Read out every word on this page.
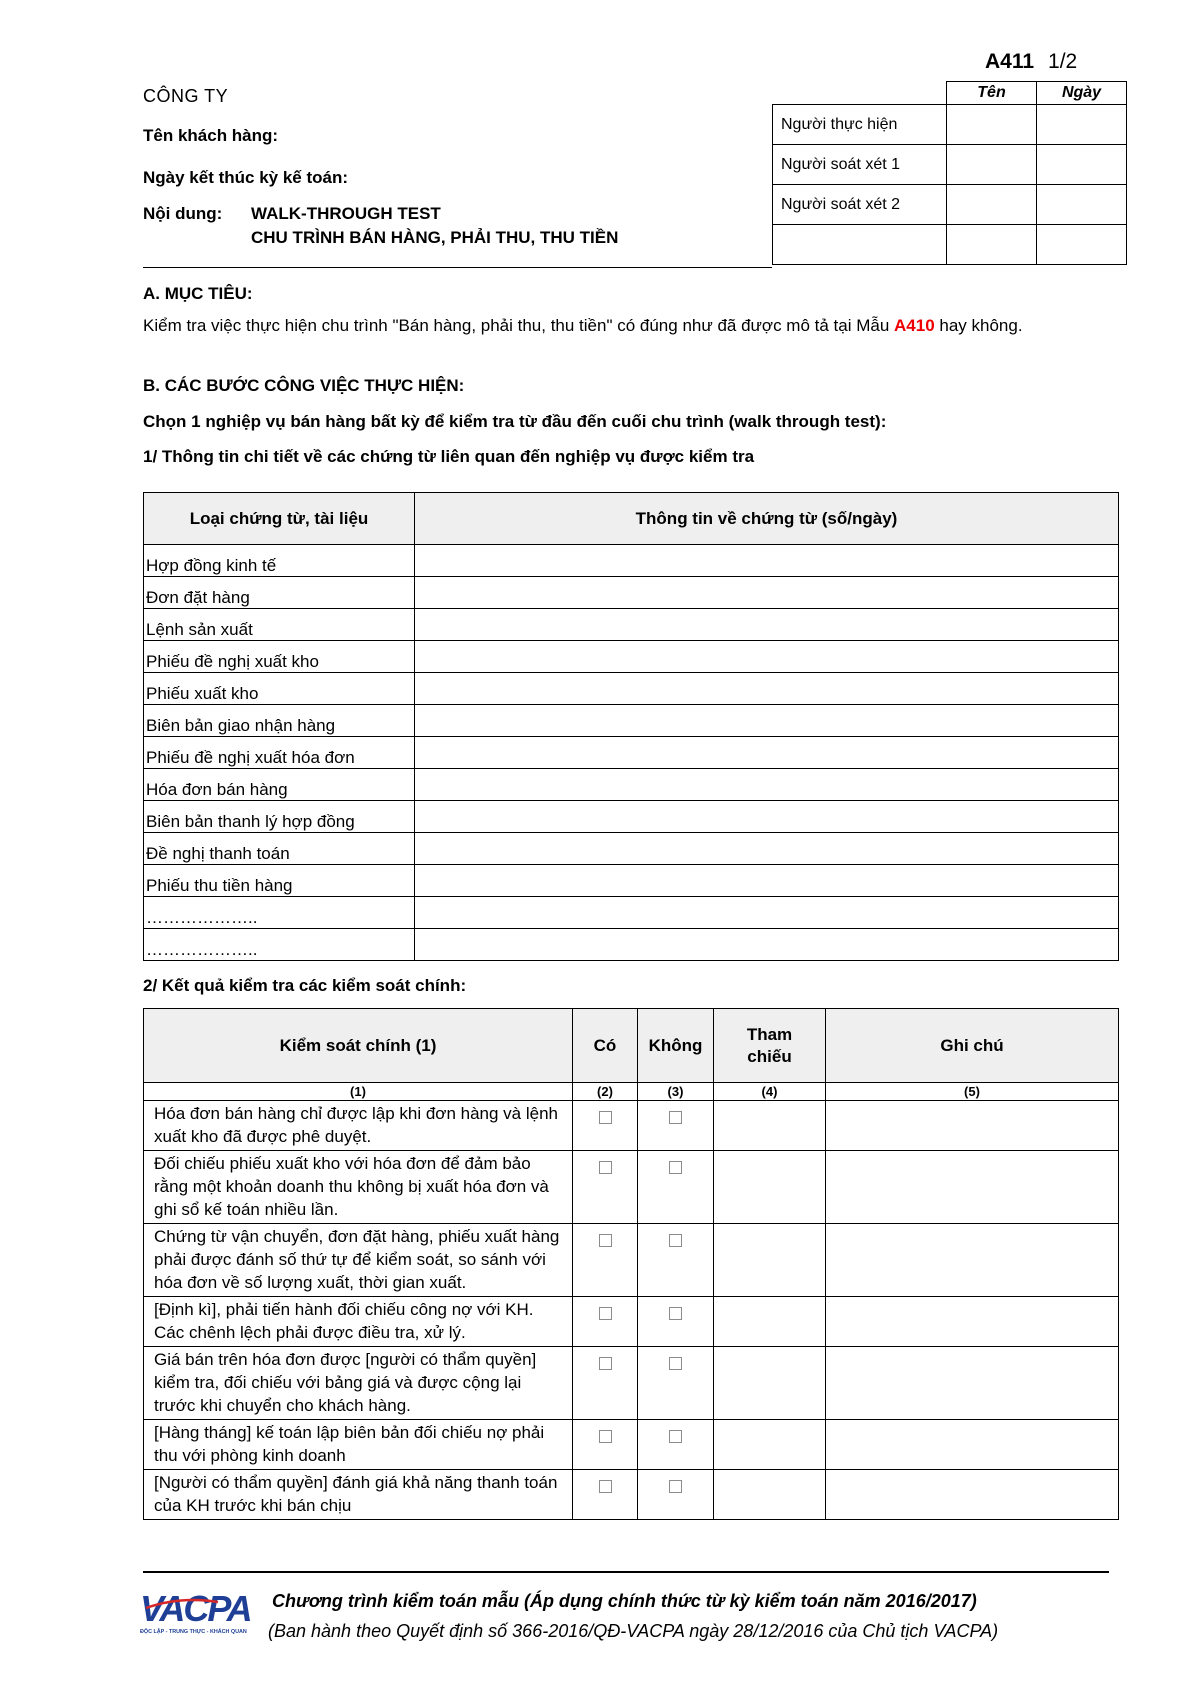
A411 1/2
CÔNG TY
Tên khách hàng:
Ngày kết thúc kỳ kế toán:
Nội dung: WALK-THROUGH TEST
CHU TRÌNH BÁN HÀNG, PHẢI THU, THU TIỀN
	Tên	Ngày
Người thực hiện		
Người soát xét 1		
Người soát xét 2		

A. MỤC TIÊU:
Kiểm tra việc thực hiện chu trình "Bán hàng, phải thu, thu tiền" có đúng như đã được mô tả tại Mẫu A410 hay không.
B. CÁC BƯỚC CÔNG VIỆC THỰC HIỆN:
Chọn 1 nghiệp vụ bán hàng bất kỳ để kiểm tra từ đầu đến cuối chu trình (walk through test):
1/ Thông tin chi tiết về các chứng từ liên quan đến nghiệp vụ được kiểm tra
Loại chứng từ, tài liệu	Thông tin về chứng từ (số/ngày)
Hợp đồng kinh tế	
Đơn đặt hàng	
Lệnh sản xuất	
Phiếu đề nghị xuất kho	
Phiếu xuất kho	
Biên bản giao nhận hàng	
Phiếu đề nghị xuất hóa đơn	
Hóa đơn bán hàng	
Biên bản thanh lý hợp đồng	
Đề nghị thanh toán	
Phiếu thu tiền hàng	
………………..	
………………..	
2/ Kết quả kiểm tra các kiểm soát chính:
Kiểm soát chính (1)	Có	Không	Tham chiếu	Ghi chú
(1)	(2)	(3)	(4)	(5)
Hóa đơn bán hàng chỉ được lập khi đơn hàng và lệnh xuất kho đã được phê duyệt.				
Đối chiếu phiếu xuất kho với hóa đơn để đảm bảo rằng một khoản doanh thu không bị xuất hóa đơn và ghi sổ kế toán nhiều lần.				
Chứng từ vận chuyển, đơn đặt hàng, phiếu xuất hàng phải được đánh số thứ tự để kiểm soát, so sánh với hóa đơn về số lượng xuất, thời gian xuất.				
[Định kì], phải tiến hành đối chiếu công nợ với KH. Các chênh lệch phải được điều tra, xử lý.				
Giá bán trên hóa đơn được [người có thẩm quyền] kiểm tra, đối chiếu với bảng giá và được cộng lại trước khi chuyển cho khách hàng.				
[Hàng tháng] kế toán lập biên bản đối chiếu nợ phải thu với phòng kinh doanh				
[Người có thẩm quyền] đánh giá khả năng thanh toán của KH trước khi bán chịu				
VACPA
ĐỘC LẬP - TRUNG THỰC - KHÁCH QUAN
Chương trình kiểm toán mẫu (Áp dụng chính thức từ kỳ kiểm toán năm 2016/2017)
(Ban hành theo Quyết định số 366-2016/QĐ-VACPA ngày 28/12/2016 của Chủ tịch VACPA)
